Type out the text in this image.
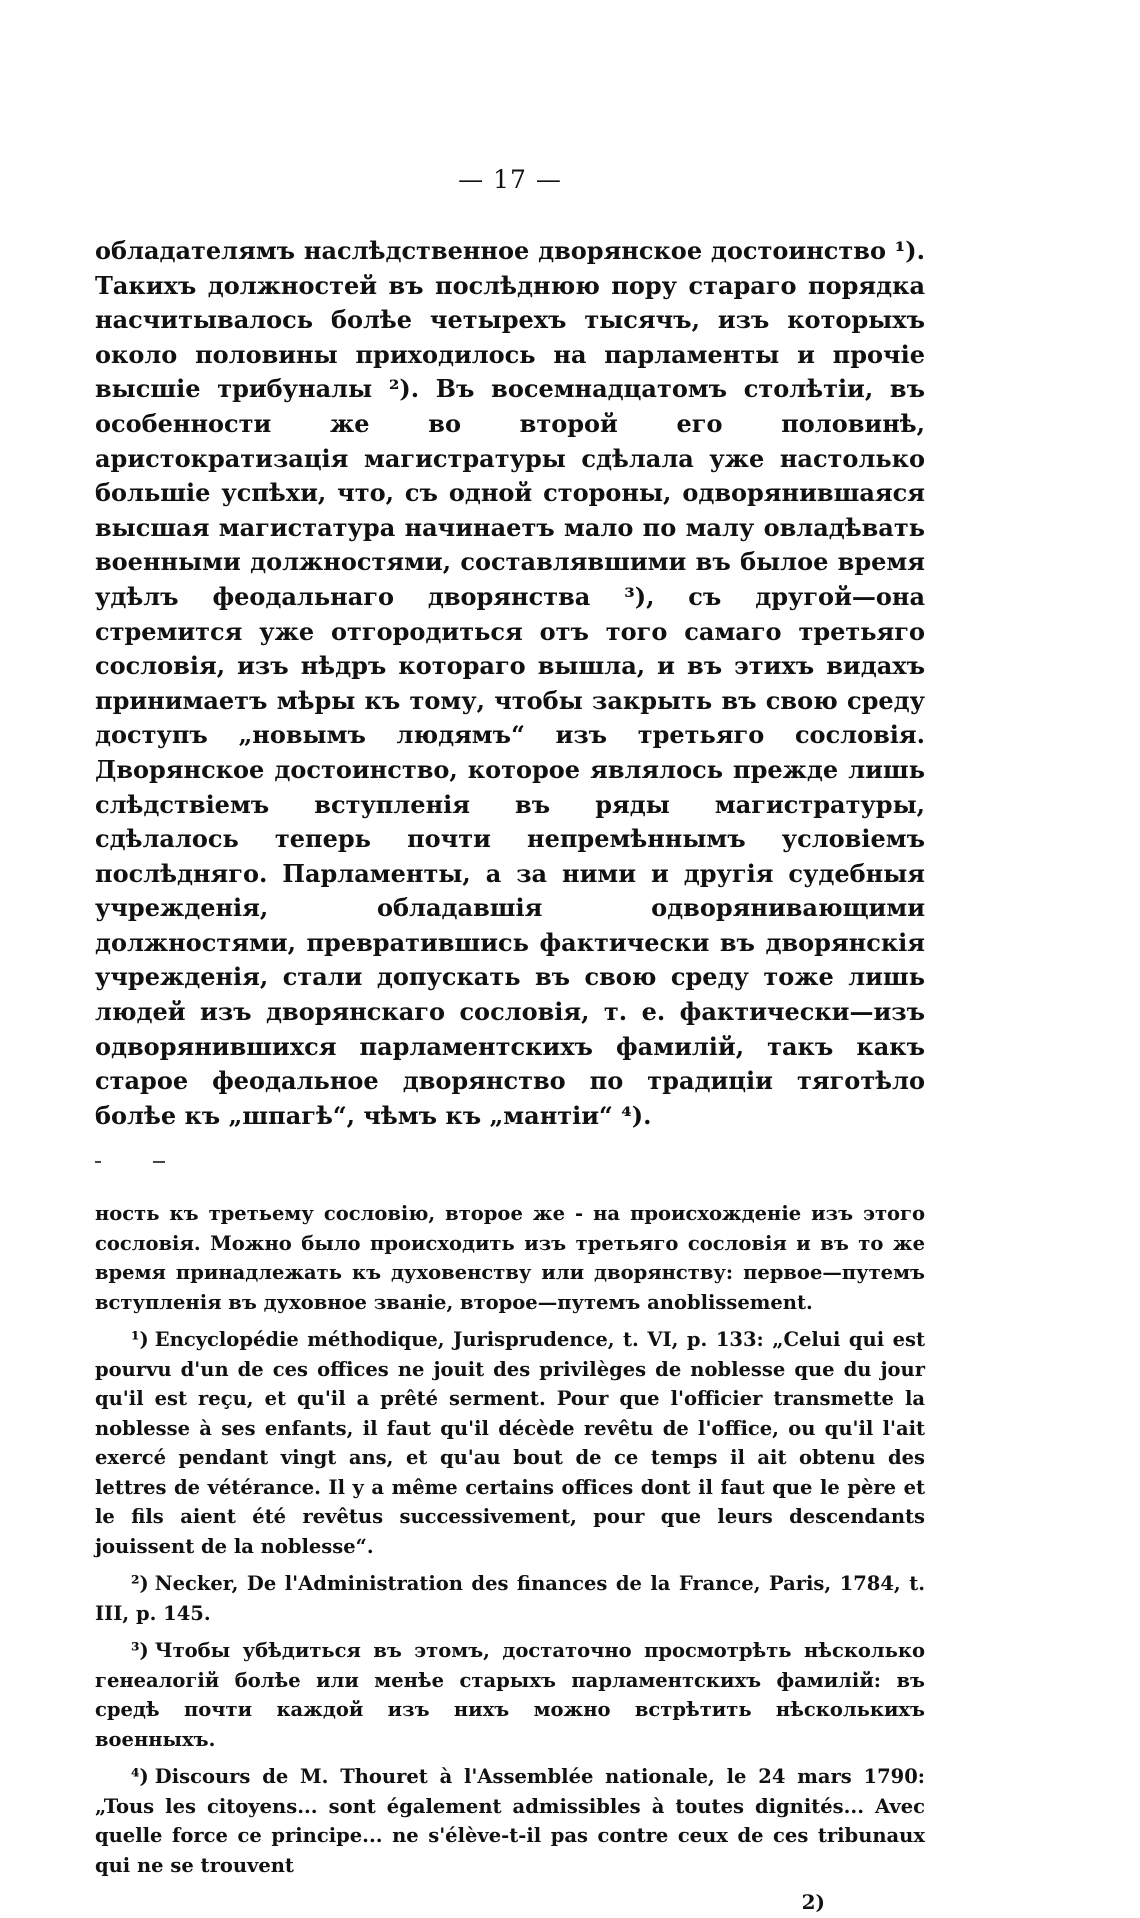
— 17 —

обладателямъ наслѣдственное дворянское достоинство ¹). Такихъ должностей въ послѣднюю пору стараго порядка насчитывалось болѣе четырехъ тысячъ, изъ которыхъ около половины приходилось на парламенты и прочіе высшіе трибуналы ²). Въ восемнадцатомъ столѣтіи, въ особенности же во второй его половинѣ, аристократизація магистратуры сдѣлала уже настолько большіе успѣхи, что, съ одной стороны, одворянившаяся высшая магистатура начинаетъ мало по малу овладѣвать военными должностями, составлявшими въ былое время удѣлъ феодальнаго дворянства ³), съ другой—она стремится уже отгородиться отъ того самаго третьяго сословія, изъ нѣдръ котораго вышла, и въ этихъ видахъ принимаетъ мѣры къ тому, чтобы закрыть въ свою среду доступъ „новымъ людямъ“ изъ третьяго сословія. Дворянское достоинство, которое являлось прежде лишь слѣдствіемъ вступленія въ ряды магистратуры, сдѣлалось теперь почти непремѣннымъ условіемъ послѣдняго. Парламенты, а за ними и другія судебныя учрежденія, обладавшія одворянивающими должностями, превратившись фактически въ дворянскія учрежденія, стали допускать въ свою среду тоже лишь людей изъ дворянскаго сословія, т. е. фактически—изъ одворянившихся парламентскихъ фамилій, такъ какъ старое феодальное дворянство по традиціи тяготѣло болѣе къ „шпагѣ“, чѣмъ къ „мантіи“ ⁴).

ность къ третьему сословію, второе же - на происхожденіе изъ этого сословія. Можно было происходить изъ третьяго сословія и въ то же время принадлежать къ духовенству или дворянству: первое—путемъ вступленія въ духовное званіе, второе—путемъ anoblissement.

¹) Encyclopédie méthodique, Jurisprudence, t. VI, p. 133: „Celui qui est pourvu d'un de ces offices ne jouit des privilèges de noblesse que du jour qu'il est reçu, et qu'il a prêté serment. Pour que l'officier transmette la noblesse à ses enfants, il faut qu'il décède revêtu de l'office, ou qu'il l'ait exercé pendant vingt ans, et qu'au bout de ce temps il ait obtenu des lettres de vétérance. Il y a même certains offices dont il faut que le père et le fils aient été revêtus successivement, pour que leurs descendants jouissent de la noblesse“.

²) Necker, De l'Administration des finances de la France, Paris, 1784, t. III, p. 145.

³) Чтобы убѣдиться въ этомъ, достаточно просмотрѣть нѣсколько генеалогій болѣе или менѣе старыхъ парламентскихъ фамилій: въ средѣ почти каждой изъ нихъ можно встрѣтить нѣсколькихъ военныхъ.

⁴) Discours de M. Thouret à l'Assemblée nationale, le 24 mars 1790: „Tous les citoyens... sont également admissibles à toutes dignités... Avec quelle force ce principe... ne s'élève-t-il pas contre ceux de ces tribunaux qui ne se trouvent

2)
